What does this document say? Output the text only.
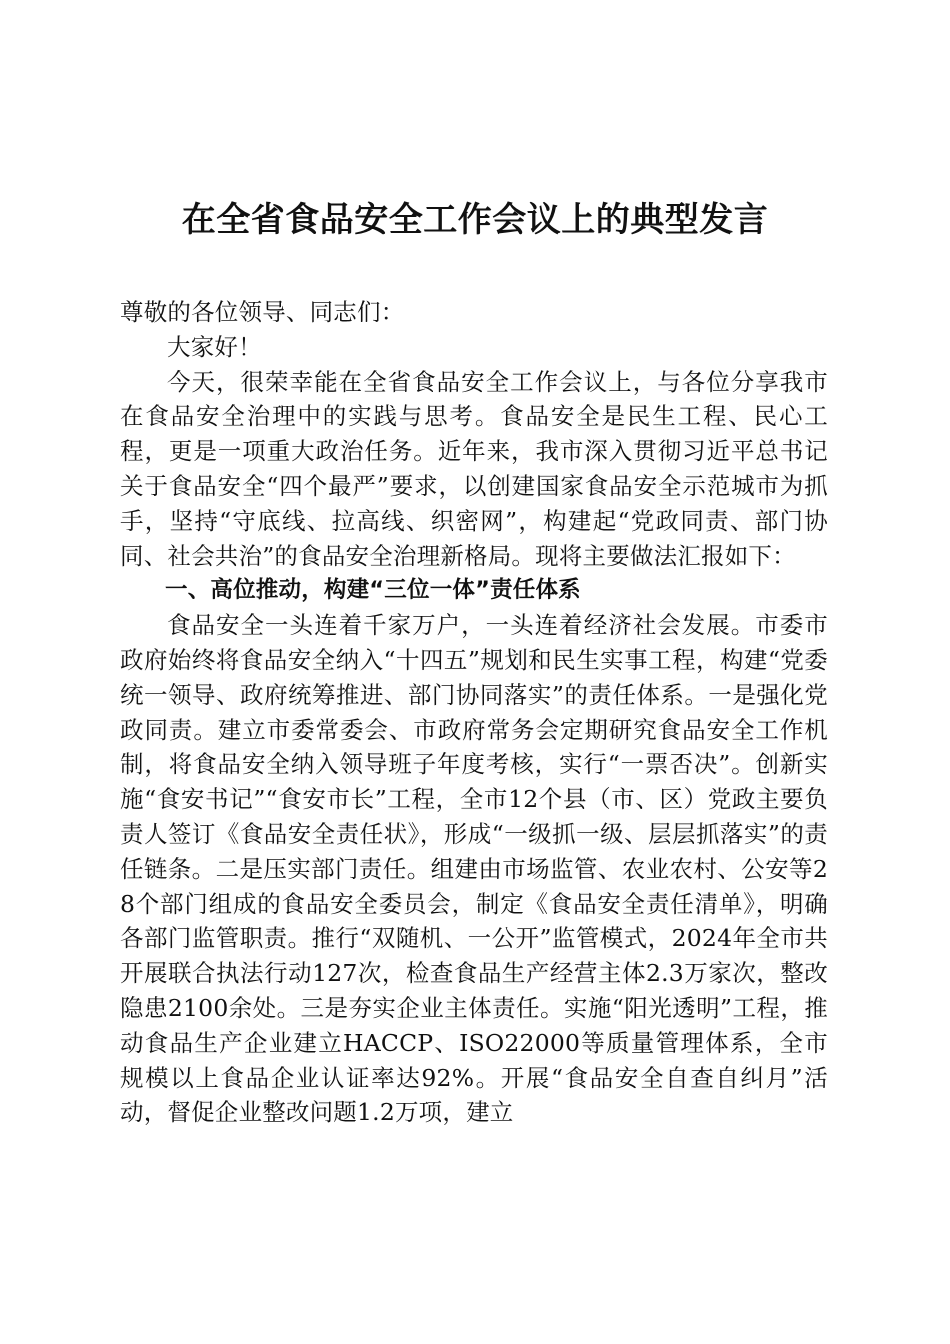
在全省食品安全工作会议上的典型发言

尊敬的各位领导、同志们：

大家好！

今天，很荣幸能在全省食品安全工作会议上，与各位分享我市在食品安全治理中的实践与思考。食品安全是民生工程、民心工程，更是一项重大政治任务。近年来，我市深入贯彻习近平总书记关于食品安全“四个最严”要求，以创建国家食品安全示范城市为抓手，坚持“守底线、拉高线、织密网”，构建起“党政同责、部门协同、社会共治”的食品安全治理新格局。现将主要做法汇报如下：

一、高位推动，构建“三位一体”责任体系

食品安全一头连着千家万户，一头连着经济社会发展。市委市政府始终将食品安全纳入“十四五”规划和民生实事工程，构建“党委统一领导、政府统筹推进、部门协同落实”的责任体系。一是强化党政同责。建立市委常委会、市政府常务会定期研究食品安全工作机制，将食品安全纳入领导班子年度考核，实行“一票否决”。创新实施“食安书记”“食安市长”工程，全市12个县（市、区）党政主要负责人签订《食品安全责任状》，形成“一级抓一级、层层抓落实”的责任链条。二是压实部门责任。组建由市场监管、农业农村、公安等28个部门组成的食品安全委员会，制定《食品安全责任清单》，明确各部门监管职责。推行“双随机、一公开”监管模式，2024年全市共开展联合执法行动127次，检查食品生产经营主体2.3万家次，整改隐患2100余处。三是夯实企业主体责任。实施“阳光透明”工程，推动食品生产企业建立HACCP、ISO22000等质量管理体系，全市规模以上食品企业认证率达92%。开展“食品安全自查自纠月”活动，督促企业整改问题1.2万项，建立
